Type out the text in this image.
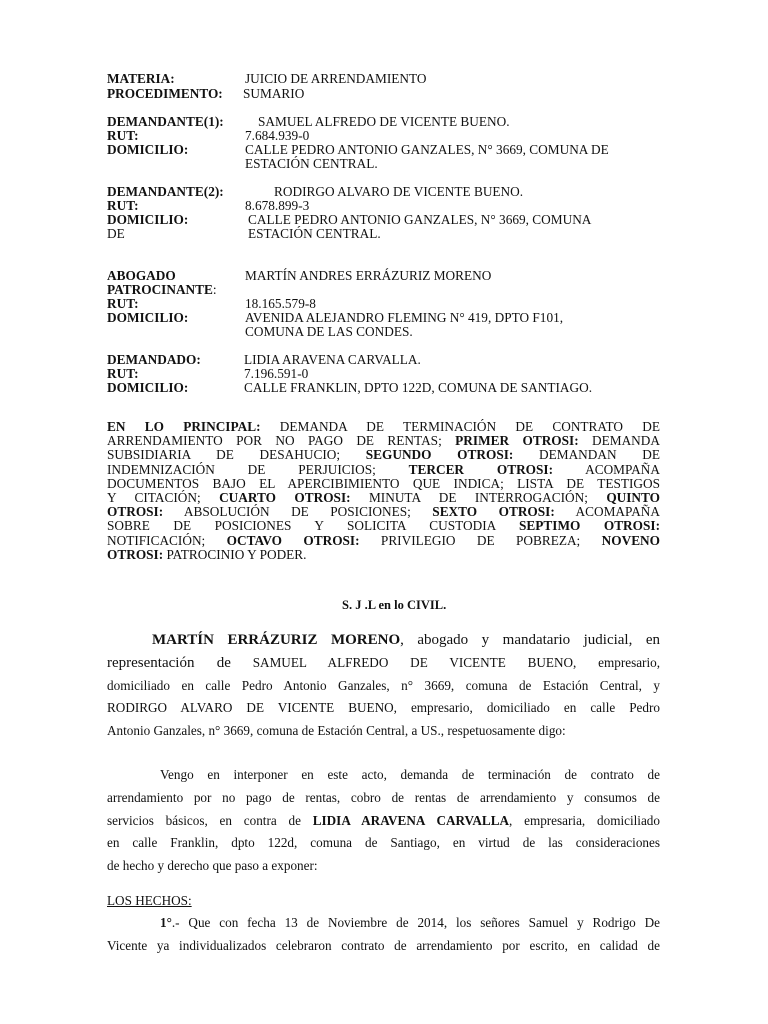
MATERIA:	JUICIO DE ARRENDAMIENTO
PROCEDIMENTO: SUMARIO
DEMANDANTE(1):	SAMUEL ALFREDO DE VICENTE BUENO.
RUT:	7.684.939-0
DOMICILIO:	CALLE PEDRO ANTONIO GANZALES, N° 3669, COMUNA DE
ESTACIÓN CENTRAL.
DEMANDANTE(2):	RODIRGO ALVARO DE VICENTE BUENO.
RUT:	8.678.899-3
DOMICILIO:	CALLE PEDRO ANTONIO GANZALES, N° 3669, COMUNA
DE	ESTACIÓN CENTRAL.
ABOGADO	MARTÍN ANDRES ERRÁZURIZ MORENO
PATROCINANTE:
RUT:	18.165.579-8
DOMICILIO:	AVENIDA ALEJANDRO FLEMING N° 419, DPTO F101,
COMUNA DE LAS CONDES.
DEMANDADO:	LIDIA ARAVENA CARVALLA.
RUT:	7.196.591-0
DOMICILIO:	CALLE FRANKLIN, DPTO 122D, COMUNA DE SANTIAGO.
EN LO PRINCIPAL: DEMANDA DE TERMINACIÓN DE CONTRATO DE
ARRENDAMIENTO POR NO PAGO DE RENTAS; PRIMER OTROSI: DEMANDA
SUBSIDIARIA DE DESAHUCIO; SEGUNDO OTROSI: DEMANDAN DE
INDEMNIZACIÓN DE PERJUICIOS; TERCER OTROSI: ACOMPAÑA
DOCUMENTOS BAJO EL APERCIBIMIENTO QUE INDICA; LISTA DE TESTIGOS
Y CITACIÓN; CUARTO OTROSI: MINUTA DE INTERROGACIÓN; QUINTO
OTROSI: ABSOLUCIÓN DE POSICIONES; SEXTO OTROSI: ACOMAPAÑA
SOBRE DE POSICIONES Y SOLICITA CUSTODIA SEPTIMO OTROSI:
NOTIFICACIÓN; OCTAVO OTROSI: PRIVILEGIO DE POBREZA; NOVENO
OTROSI: PATROCINIO Y PODER.
S. J .L en lo CIVIL.
MARTÍN ERRÁZURIZ MORENO, abogado y mandatario judicial, en
representación de SAMUEL ALFREDO DE VICENTE BUENO, empresario,
domiciliado en calle Pedro Antonio Ganzales, n° 3669, comuna de Estación Central, y
RODIRGO ALVARO DE VICENTE BUENO, empresario, domiciliado en calle Pedro
Antonio Ganzales, n° 3669, comuna de Estación Central, a US., respetuosamente digo:
Vengo en interponer en este acto, demanda de terminación de contrato de
arrendamiento por no pago de rentas, cobro de rentas de arrendamiento y consumos de
servicios básicos, en contra de LIDIA ARAVENA CARVALLA, empresaria, domiciliado
en calle Franklin, dpto 122d, comuna de Santiago, en virtud de las consideraciones
de hecho y derecho que paso a exponer:
LOS HECHOS:
1°.- Que con fecha 13 de Noviembre de 2014, los señores Samuel y Rodrigo De
Vicente ya individualizados celebraron contrato de arrendamiento por escrito, en calidad de
